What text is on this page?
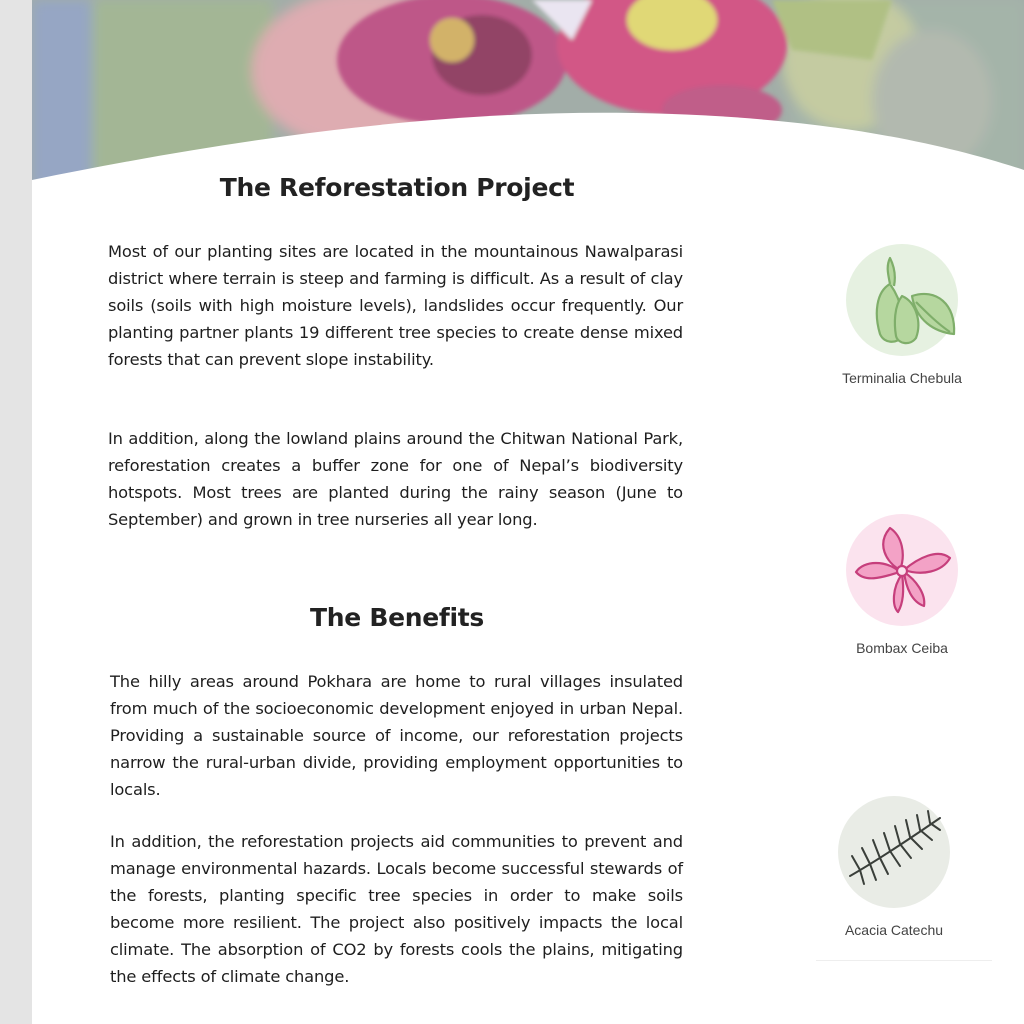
The Reforestation Project

Most of our planting sites are located in the mountainous Nawalparasi district where terrain is steep and farming is difficult. As a result of clay soils (soils with high moisture levels), landslides occur frequently. Our planting partner plants 19 different tree species to create dense mixed forests that can prevent slope instability.

In addition, along the lowland plains around the Chitwan National Park, reforestation creates a buffer zone for one of Nepal’s biodiversity hotspots. Most trees are planted during the rainy season (June to September) and grown in tree nurseries all year long.

The Benefits

The hilly areas around Pokhara are home to rural villages insulated from much of the socioeconomic development enjoyed in urban Nepal. Providing a sustainable source of income, our reforestation projects narrow the rural-urban divide, providing employment opportunities to locals.

In addition, the reforestation projects aid communities to prevent and manage environmental hazards. Locals become successful stewards of the forests, planting specific tree species in order to make soils become more resilient. The project also positively impacts the local climate. The absorption of CO2 by forests cools the plains, mitigating the effects of climate change.

Terminalia Chebula
Bombax Ceiba
Acacia Catechu
